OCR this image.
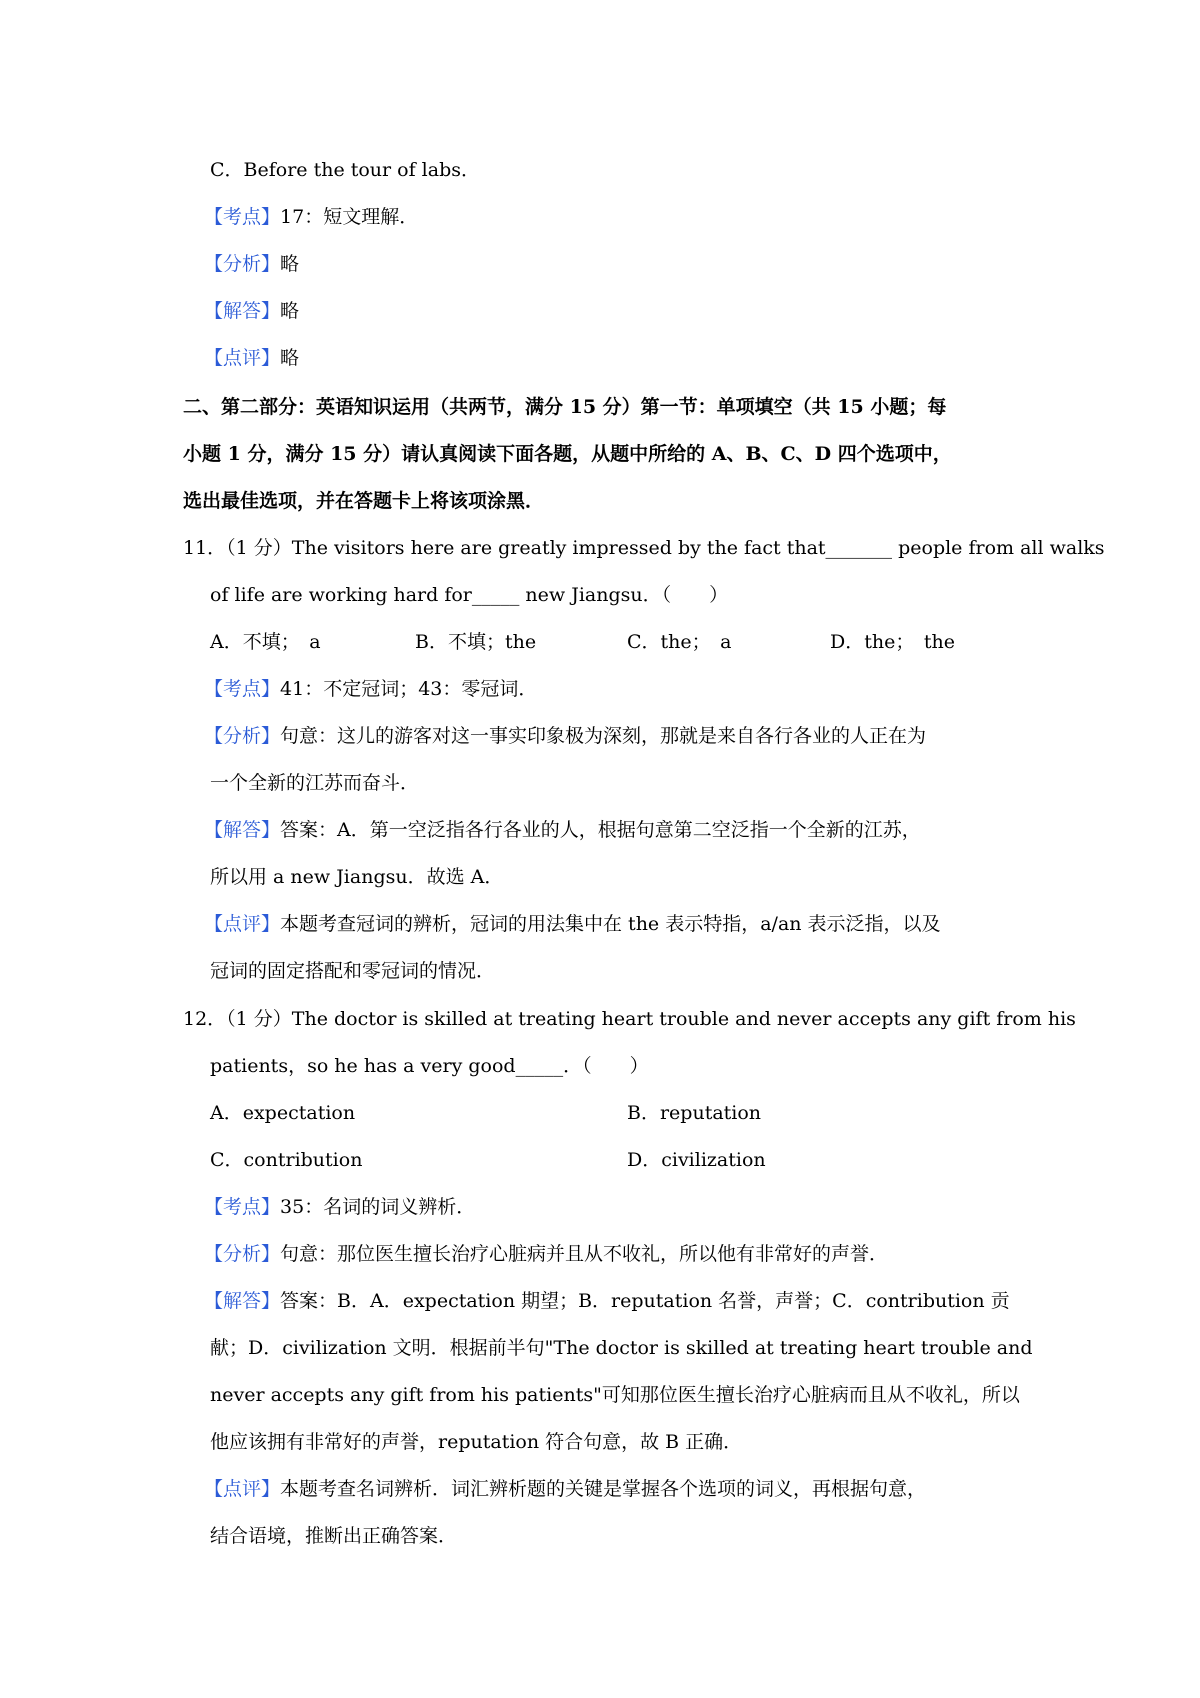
C．Before the tour of labs．
【考点】17：短文理解．
【分析】略
【解答】略
【点评】略
二、第二部分：英语知识运用（共两节，满分 15 分）第一节：单项填空（共 15 小题；每
小题 1 分，满分 15 分）请认真阅读下面各题，从题中所给的 A、B、C、D 四个选项中，
选出最佳选项，并在答题卡上将该项涂黑．
11．（1 分）The visitors here are greatly impressed by the fact that_______ people from all walks
of life are working hard for_____ new Jiangsu．（　　）
A．不填；　a	B．不填；the	C．the；　a	D．the；　the
【考点】41：不定冠词；43：零冠词．
【分析】句意：这儿的游客对这一事实印象极为深刻，那就是来自各行各业的人正在为
一个全新的江苏而奋斗．
【解答】答案：A．第一空泛指各行各业的人，根据句意第二空泛指一个全新的江苏，
所以用 a new Jiangsu．故选 A．
【点评】本题考查冠词的辨析，冠词的用法集中在 the 表示特指，a/an 表示泛指，以及
冠词的固定搭配和零冠词的情况．
12．（1 分）The doctor is skilled at treating heart trouble and never accepts any gift from his
patients，so he has a very good_____．（　　）
A．expectation	B．reputation
C．contribution	D．civilization
【考点】35：名词的词义辨析．
【分析】句意：那位医生擅长治疗心脏病并且从不收礼，所以他有非常好的声誉．
【解答】答案：B．A．expectation 期望；B．reputation 名誉，声誉；C．contribution 贡
献；D．civilization 文明．根据前半句"The doctor is skilled at treating heart trouble and
never accepts any gift from his patients"可知那位医生擅长治疗心脏病而且从不收礼，所以
他应该拥有非常好的声誉，reputation 符合句意，故 B 正确．
【点评】本题考查名词辨析．词汇辨析题的关键是掌握各个选项的词义，再根据句意，
结合语境，推断出正确答案．
